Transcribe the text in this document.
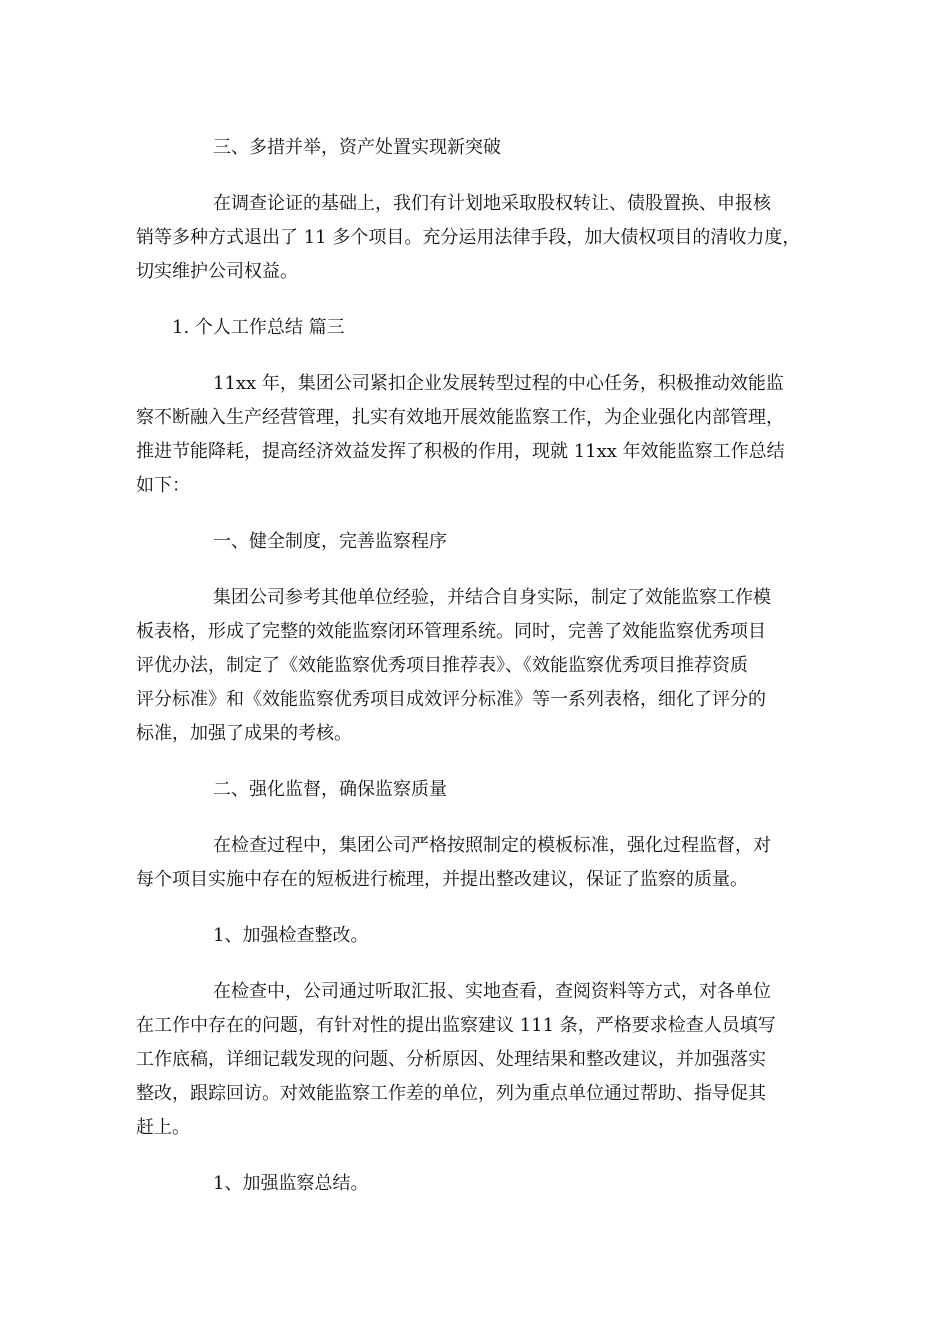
三、多措并举，资产处置实现新突破
在调查论证的基础上，我们有计划地采取股权转让、债股置换、申报核
销等多种方式退出了 11 多个项目。充分运用法律手段，加大债权项目的清收力度，
切实维护公司权益。
1. 个人工作总结 篇三
11xx 年，集团公司紧扣企业发展转型过程的中心任务，积极推动效能监
察不断融入生产经营管理，扎实有效地开展效能监察工作，为企业强化内部管理，
推进节能降耗，提高经济效益发挥了积极的作用，现就 11xx 年效能监察工作总结
如下：
一、健全制度，完善监察程序
集团公司参考其他单位经验，并结合自身实际，制定了效能监察工作模
板表格，形成了完整的效能监察闭环管理系统。同时，完善了效能监察优秀项目
评优办法，制定了《效能监察优秀项目推荐表》、《效能监察优秀项目推荐资质
评分标准》和《效能监察优秀项目成效评分标准》等一系列表格，细化了评分的
标准，加强了成果的考核。
二、强化监督，确保监察质量
在检查过程中，集团公司严格按照制定的模板标准，强化过程监督，对
每个项目实施中存在的短板进行梳理，并提出整改建议，保证了监察的质量。
1、加强检查整改。
在检查中，公司通过听取汇报、实地查看，查阅资料等方式，对各单位
在工作中存在的问题，有针对性的提出监察建议 111 条，严格要求检查人员填写
工作底稿，详细记载发现的问题、分析原因、处理结果和整改建议，并加强落实
整改，跟踪回访。对效能监察工作差的单位，列为重点单位通过帮助、指导促其
赶上。
1、加强监察总结。
